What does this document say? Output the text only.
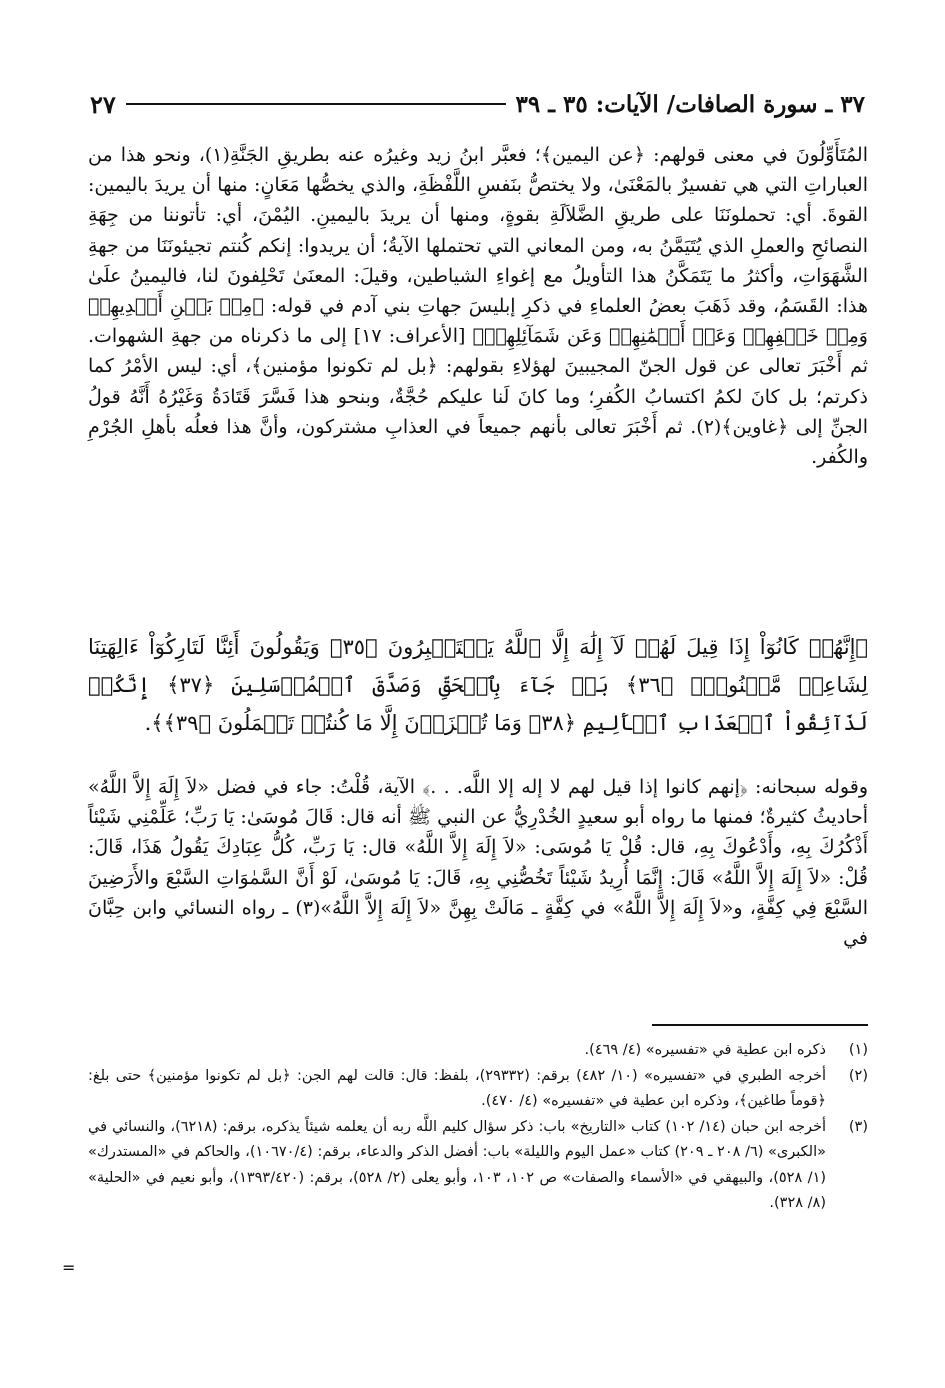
٣٧ ـ سورة الصافات/ الآيات: ٣٥ ـ ٣٩
٢٧

المُتَأَوِّلُونَ في معنى قولهم: ﴿عن اليمين﴾؛ فعبَّر ابنُ زيد وغيرُه عنه بطريقِ الجَنَّةِ(١)، ونحو هذا من العباراتِ التي هي تفسيرٌ بالمَعْنَىٰ، ولا يختصُّ بنَفسِ اللَّفْظَةِ، والذي يخصُّها مَعَانٍ: منها أن يريدَ باليمين: القوةَ. أي: تحملونَنَا على طريقِ الضَّلاَلَةِ بقوةٍ، ومنها أن يريدَ باليمينِ. اليُمْنَ، أي: تأتوننا من جِهَةِ النصائحِ والعملِ الذي يُتَيَمَّنُ به، ومن المعاني التي تحتملها الآيةُ؛ أن يريدوا: إنكم كُنتم تجيئونَنَا من جهةِ الشَّهَوَاتِ، وأكثرُ ما يَتَمَكَّنُ هذا التأويلُ مع إغواءِ الشياطين، وقيلَ: المعنَىٰ تَحْلِفونَ لنا، فاليمينُ علَىٰ هذا: القَسَمُ، وقد ذَهَبَ بعضُ العلماءِ في ذكرِ إبليسَ جهاتِ بني آدم في قوله: ﴿مِنۢ بَيۡنِ أَيۡدِيهِمۡ وَمِنۡ خَلۡفِهِمۡ وَعَنۡ أَيۡمَٰنِهِمۡ وَعَن شَمَآئِلِهِمۡ﴾ [الأعراف: ١٧] إلى ما ذكرناه من جهةِ الشهوات. ثم أَخْبَرَ تعالى عن قول الجنّ المجيبينَ لهؤلاءِ بقولهم: ﴿بل لم تكونوا مؤمنين﴾، أي: ليس الأمْرُ كما ذكرتم؛ بل كانَ لكمُ اكتسابُ الكُفرِ؛ وما كانَ لَنا عليكم حُجَّةٌ، وبنحو هذا فَسَّرَ قَتَادَةُ وَغَيْرُهُ أَنَّهُ قولُ الجنِّ إلى ﴿غاوين﴾(٢). ثم أَخْبَرَ تعالى بأنهم جميعاً في العذابِ مشتركون، وأنَّ هذا فعلُه بأهلِ الجُرْمِ والكُفر.

﴿إِنَّهُمۡ كَانُوٓاْ إِذَا قِيلَ لَهُمۡ لَآ إِلَٰهَ إِلَّا ٱللَّهُ يَسۡتَكۡبِرُونَ ﴿٣٥﴾ وَيَقُولُونَ أَئِنَّا لَتَارِكُوٓاْ ءَالِهَتِنَا لِشَاعِرٖ مَّجۡنُونِۭ ﴿٣٦﴾ بَلۡ جَآءَ بِٱلۡحَقِّ وَصَدَّقَ ٱلۡمُرۡسَلِينَ ﴿٣٧﴾ إِنَّكُمۡ لَذَآئِقُواْ ٱلۡعَذَابِ ٱلۡأَلِيمِ ﴿٣٨﴾ وَمَا تُجۡزَوۡنَ إِلَّا مَا كُنتُمۡ تَعۡمَلُونَ ﴿٣٩﴾﴾.

وقوله سبحانه: ﴿إنهم كانوا إذا قيل لهم لا إله إلا اللَّه. . .﴾ الآية، قُلْتُ: جاء في فضل «لاَ إِلَهَ إِلاَّ اللَّهُ» أحاديثُ كثيرةٌ؛ فمنها ما رواه أبو سعيدٍ الخُدْرِيُّ عن النبي ﷺ أنه قال: قَالَ مُوسَىٰ: يَا رَبِّ؛ عَلِّمْنِي شَيْئاً أَذْكُرُكَ بِهِ، وأَدْعُوكَ بِهِ، قال: قُلْ يَا مُوسَى: «لاَ إِلَهَ إِلاَّ اللَّهُ» قال: يَا رَبِّ، كُلُّ عِبَادِكَ يَقُولُ هَذَا، قَالَ: قُلْ: «لاَ إِلَهَ إِلاَّ اللَّهُ» قَالَ: إِنَّمَا أُرِيدُ شَيْئاً تَخُصُّنِي بِهِ، قَالَ: يَا مُوسَىٰ، لَوْ أَنَّ السَّمٰوَاتِ السَّبْعَ والأَرَضِينَ السَّبْعَ فِي كِفَّةٍ، و«لاَ إِلَهَ إِلاَّ اللَّهُ» في كِفَّةٍ ـ مَالَتْ بِهِنَّ «لاَ إِلَهَ إِلاَّ اللَّهُ»(٣) ـ رواه النسائي وابن حِبَّانَ في

(١)
ذكره ابن عطية في «تفسيره» (٤/ ٤٦٩).
(٢)
أخرجه الطبري في «تفسيره» (١٠/ ٤٨٢) برقم: (٢٩٣٣٢)، بلفظ: قال: قالت لهم الجن: ﴿بل لم تكونوا مؤمنين﴾ حتى بلغ: ﴿قوماً طاغين﴾، وذكره ابن عطية في «تفسيره» (٤/ ٤٧٠).
(٣)
أخرجه ابن حبان (١٤/ ١٠٢) كتاب «التاريخ» باب: ذكر سؤال كليم اللَّه ربه أن يعلمه شيئاً يذكره، برقم: (٦٢١٨)، والنسائي في «الكبرى» (٦/ ٢٠٨ ـ ٢٠٩) كتاب «عمل اليوم والليلة» باب: أفضل الذكر والدعاء، برقم: (١٠٦٧٠/٤)، والحاكم في «المستدرك» (١/ ٥٢٨)، والبيهقي في «الأسماء والصفات» ص ١٠٢، ١٠٣، وأبو يعلى (٢/ ٥٢٨)، برقم: (١٣٩٣/٤٢٠)، وأبو نعيم في «الحلية» (٨/ ٣٢٨).
=
